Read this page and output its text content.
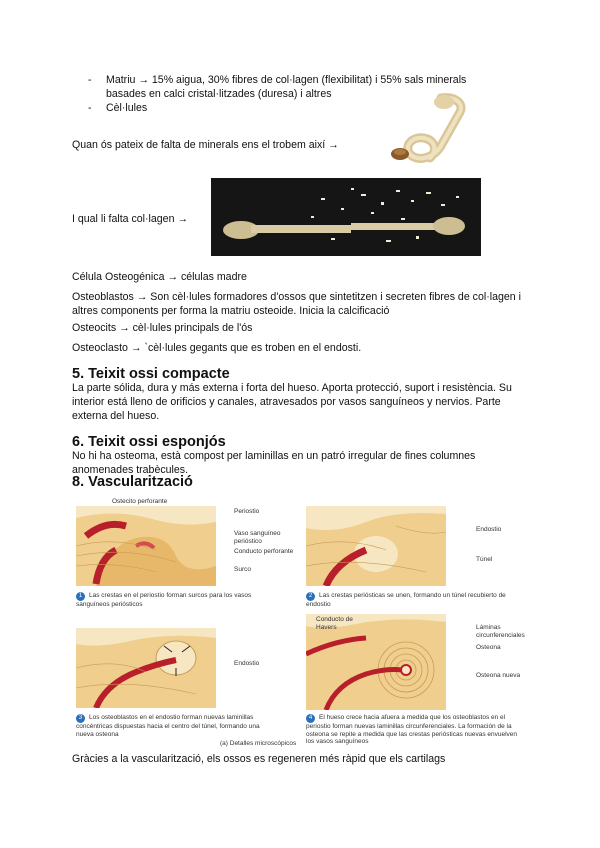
- Matriu → 15% aigua, 30% fibres de col·lagen (flexibilitat) i 55% sals minerals basades en calci cristal·litzades (duresa) i altres
- Cèl·lules
Quan ós pateix de falta de minerals ens el trobem així →
I qual li falta col·lagen →
Célula Osteogénica → células madre
Osteoblastos → Son cèl·lules formadores d'ossos que sintetitzen i secreten fibres de col·lagen i altres components per forma la matriu osteoide. Inicia la calcificació
Osteocits → cèl·lules principals de l'ós
Osteoclasto → `cèl·lules gegants que es troben en el endosti.
5. Teixit ossi compacte
La parte sólida, dura y más externa i forta del hueso. Aporta protecció, suport i resistència. Su interior está lleno de orificios y canales, atravesados por vasos sanguíneos y nervios. Parte externa del hueso.
6. Teixit ossi esponjós
No hi ha osteoma, està compost per laminillas en un patró irregular de fines columnes anomenades trabècules.
8. Vascularització
Ostecito perforante
Periostio
Vaso sanguíneo perióstico
Conducto perforante
Surco
1 Las crestas en el periostio forman surcos para los vasos sanguíneos periósticos
Endostio
Túnel
2 Las crestas periósticas se unen, formando un túnel recubierto de endostio
Endostio
3 Los osteoblastos en el endostio forman nuevas laminillas concéntricas dispuestas hacia el centro del túnel, formando una nueva osteona
Conducto de Havers	Láminas circunferenciales
Osteona
Osteona nueva
4 El hueso crece hacia afuera a medida que los osteoblastos en el periostio forman nuevas laminillas circunferenciales. La formación de la osteona se repite a medida que las crestas periósticas nuevas envuelven los vasos sanguíneos
(a) Detalles microscópicos
Gràcies a la vascularització, els ossos es regeneren més ràpid que els cartilags
